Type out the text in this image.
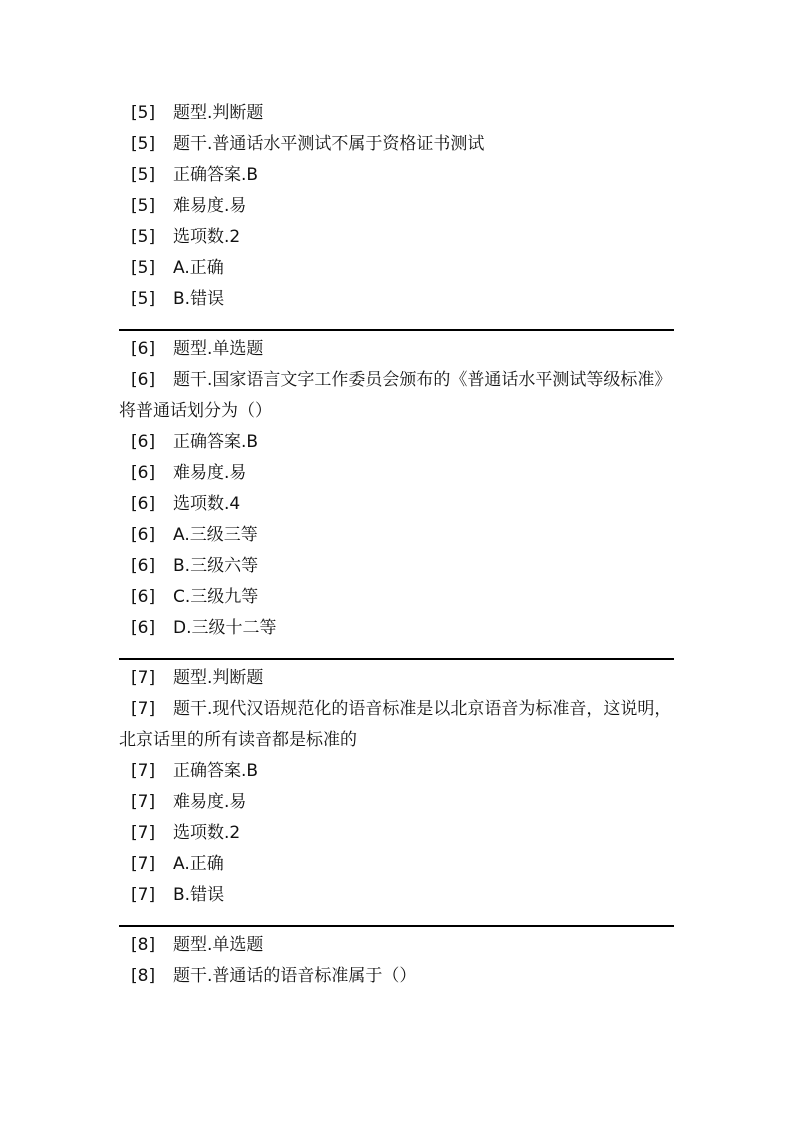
[5] 题型.判断题
[5] 题干.普通话水平测试不属于资格证书测试
[5] 正确答案.B
[5] 难易度.易
[5] 选项数.2
[5] A.正确
[5] B.错误
[6] 题型.单选题
[6] 题干.国家语言文字工作委员会颁布的《普通话水平测试等级标准》将普通话划分为（）
[6] 正确答案.B
[6] 难易度.易
[6] 选项数.4
[6] A.三级三等
[6] B.三级六等
[6] C.三级九等
[6] D.三级十二等
[7] 题型.判断题
[7] 题干.现代汉语规范化的语音标准是以北京语音为标准音，这说明，北京话里的所有读音都是标准的
[7] 正确答案.B
[7] 难易度.易
[7] 选项数.2
[7] A.正确
[7] B.错误
[8] 题型.单选题
[8] 题干.普通话的语音标准属于（）
